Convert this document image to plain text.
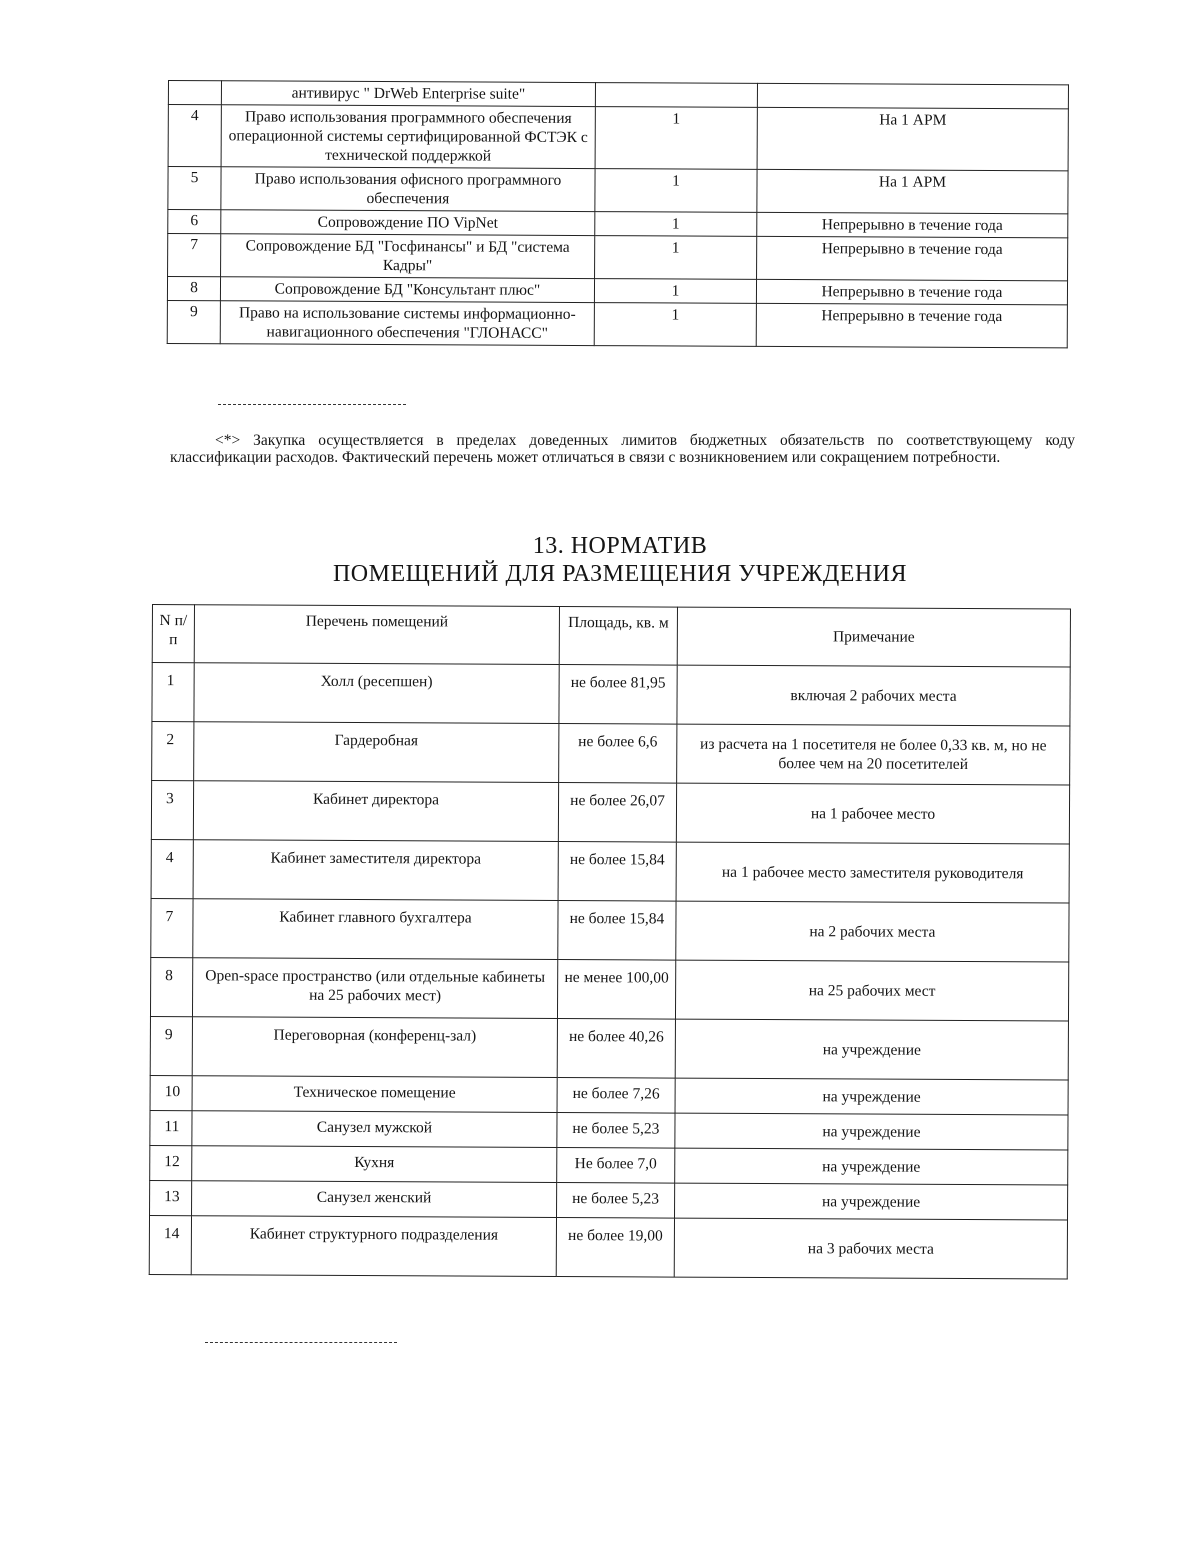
	антивирус " DrWeb Enterprise suite"		
4	Право использования программного обеспечения операционной системы сертифицированной ФСТЭК с технической поддержкой	1	На 1 АРМ
5	Право использования офисного программного обеспечения	1	На 1 АРМ
6	Сопровождение ПО VipNet	1	Непрерывно в течение года
7	Сопровождение БД "Госфинансы" и БД "система Кадры"	1	Непрерывно в течение года
8	Сопровождение БД "Консультант плюс"	1	Непрерывно в течение года
9	Право на использование системы информационно-навигационного обеспечения "ГЛОНАСС"	1	Непрерывно в течение года

<*> Закупка осуществляется в пределах доведенных лимитов бюджетных обязательств по соответствующему коду классификации расходов. Фактический перечень может отличаться в связи с возникновением или сокращением потребности.

13. НОРМАТИВ
ПОМЕЩЕНИЙ ДЛЯ РАЗМЕЩЕНИЯ УЧРЕЖДЕНИЯ
N п/п	Перечень помещений	Площадь, кв. м	Примечание
1	Холл (ресепшен)	не более 81,95	включая 2 рабочих места
2	Гардеробная	не более 6,6	из расчета на 1 посетителя не более 0,33 кв. м, но не более чем на 20 посетителей
3	Кабинет директора	не более 26,07	на 1 рабочее место
4	Кабинет заместителя директора	не более 15,84	на 1 рабочее место заместителя руководителя
7	Кабинет главного бухгалтера	не более 15,84	на 2 рабочих места
8	Open-space пространство (или отдельные кабинеты на 25 рабочих мест)	не менее 100,00	на 25 рабочих мест
9	Переговорная (конференц-зал)	не более 40,26	на учреждение
10	Техническое помещение	не более 7,26	на учреждение
11	Санузел мужской	не более 5,23	на учреждение
12	Кухня	Не более 7,0	на учреждение
13	Санузел женский	не более 5,23	на учреждение
14	Кабинет структурного подразделения	не более 19,00	на 3 рабочих места
